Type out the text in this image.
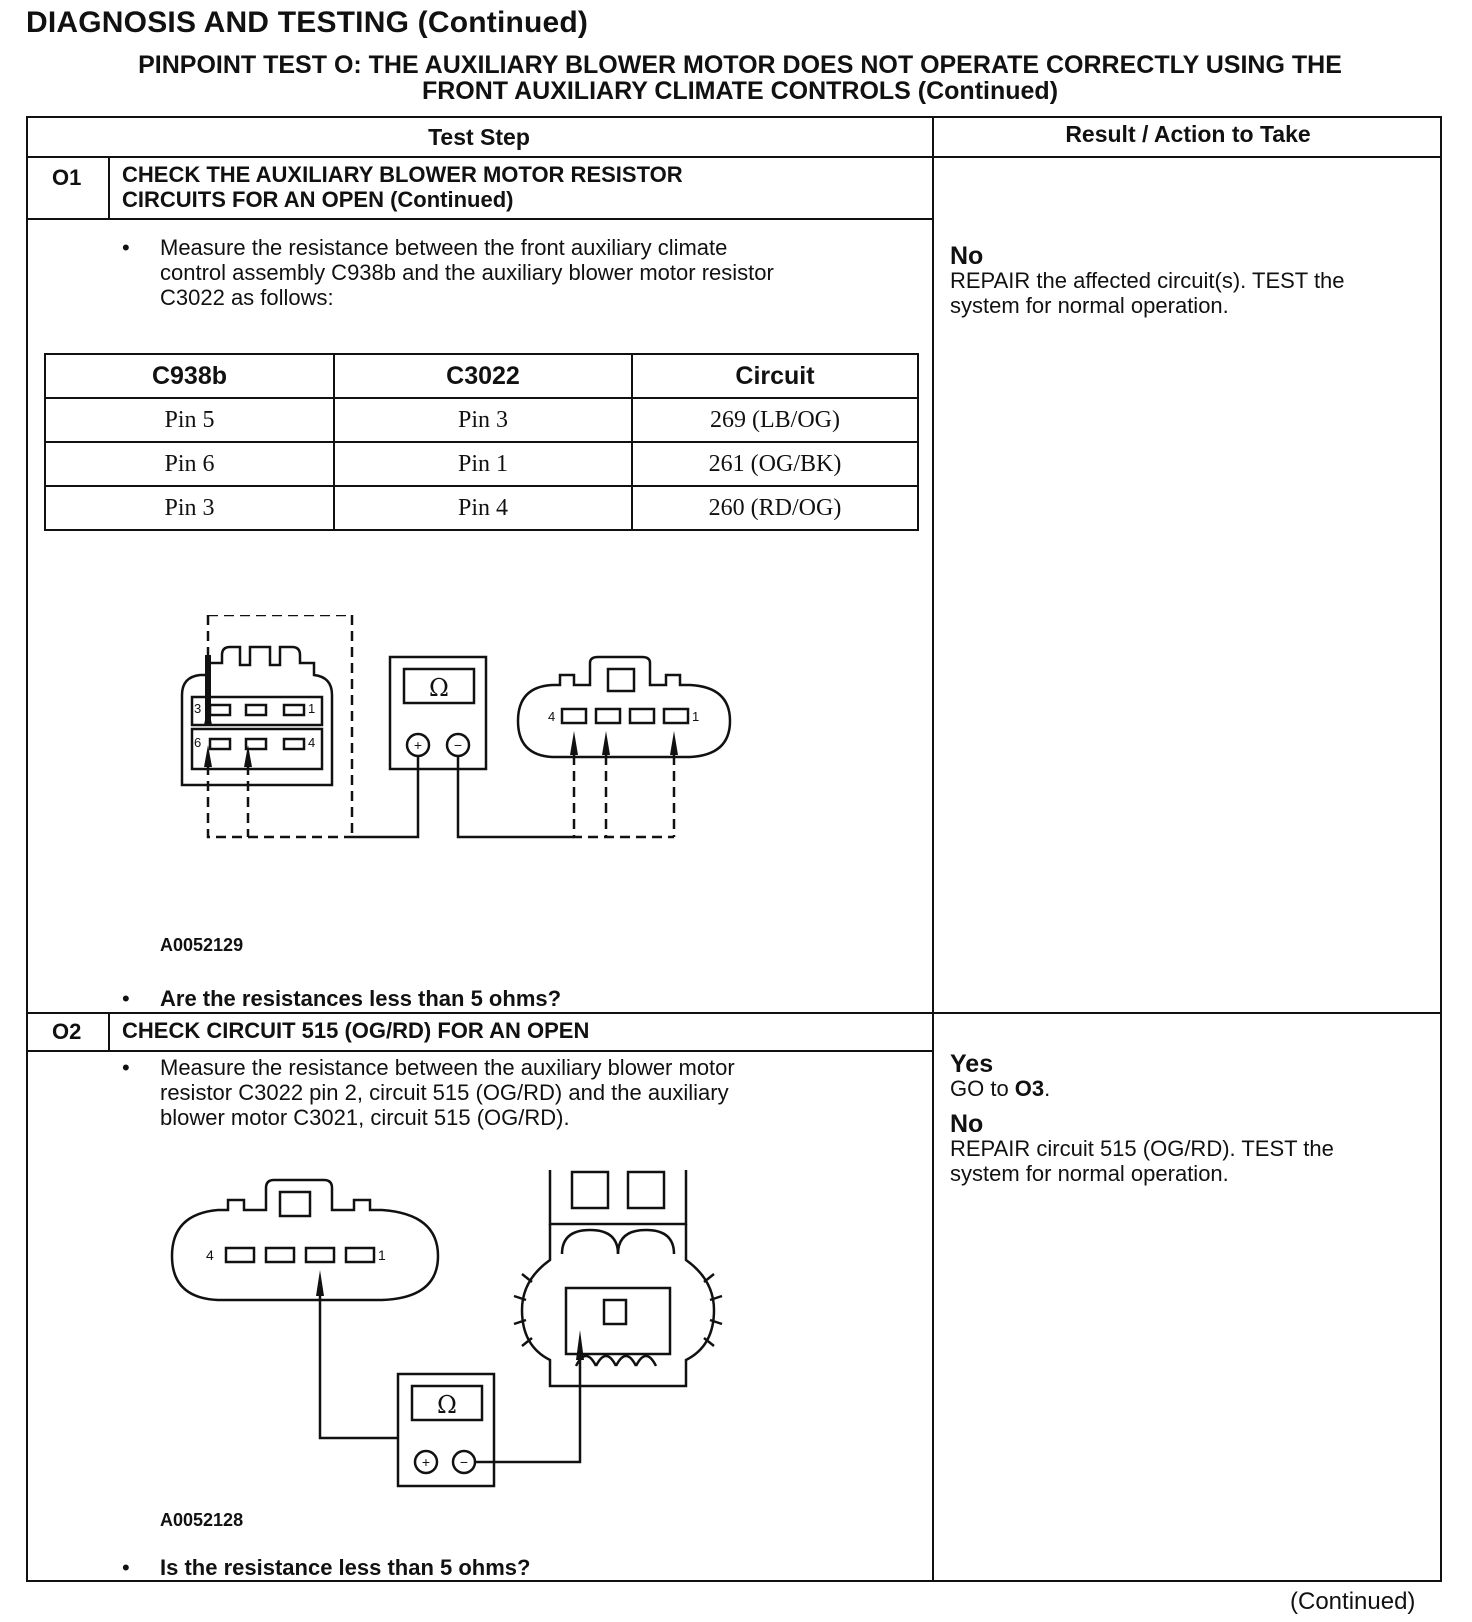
DIAGNOSIS AND TESTING (Continued)
PINPOINT TEST O: THE AUXILIARY BLOWER MOTOR DOES NOT OPERATE CORRECTLY USING THE
FRONT AUXILIARY CLIMATE CONTROLS (Continued)
Test Step	Result / Action to Take
O1 CHECK THE AUXILIARY BLOWER MOTOR RESISTOR
CIRCUITS FOR AN OPEN (Continued)
• Measure the resistance between the front auxiliary climate
control assembly C938b and the auxiliary blower motor resistor
C3022 as follows:
C938b	C3022	Circuit
Pin 5	Pin 3	269 (LB/OG)
Pin 6	Pin 1	261 (OG/BK)
Pin 3	Pin 4	260 (RD/OG)
3	1
6	4
4	1
Ω
+ −
A0052129
• Are the resistances less than 5 ohms?
No
REPAIR the affected circuit(s). TEST the
system for normal operation.
O2 CHECK CIRCUIT 515 (OG/RD) FOR AN OPEN
• Measure the resistance between the auxiliary blower motor
resistor C3022 pin 2, circuit 515 (OG/RD) and the auxiliary
blower motor C3021, circuit 515 (OG/RD).
4	1
Ω
+ −
A0052128
• Is the resistance less than 5 ohms?
Yes
GO to O3.
No
REPAIR circuit 515 (OG/RD). TEST the
system for normal operation.
(Continued)
